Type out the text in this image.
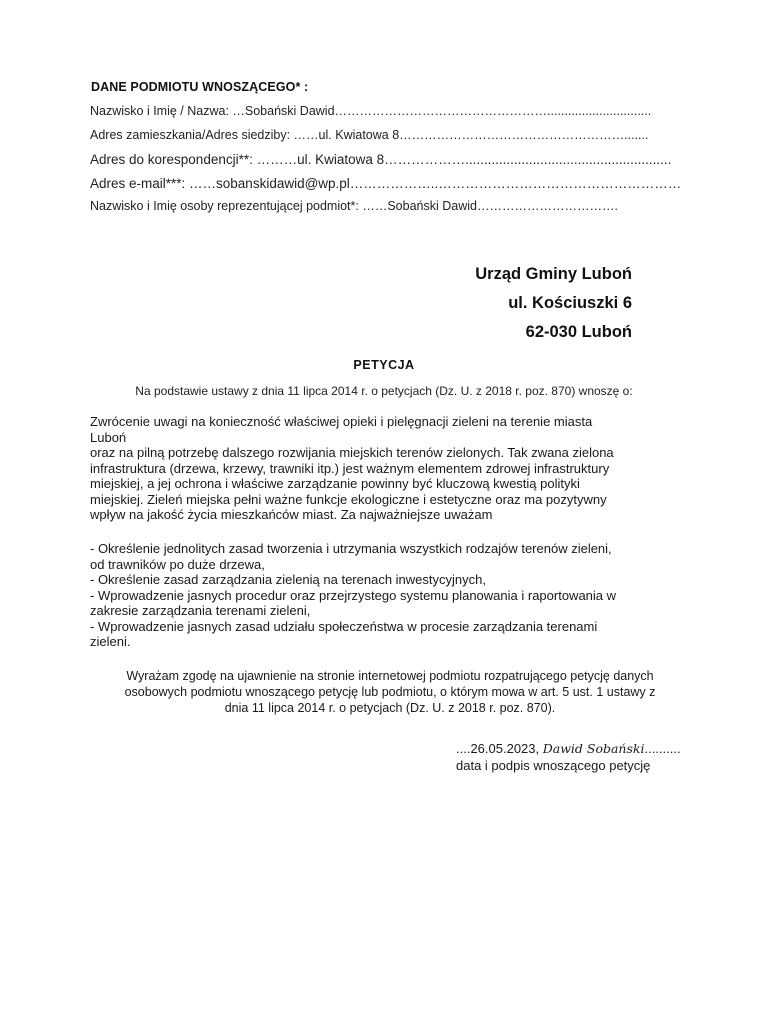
DANE PODMIOTU WNOSZĄCEGO* :
Nazwisko i Imię / Nazwa: …Sobański Dawid……………………………………………..............................
Adres zamieszkania/Adres siedziby: ……ul. Kwiatowa 8……………………………………………….......
Adres do korespondencji**: ………ul. Kwiatowa 8……………….......................................................
Adres e-mail***: ……sobanskidawid@wp.pl………………..………………………………………………
Nazwisko i Imię osoby reprezentującej podmiot*: ……Sobański Dawid…………………………….
Urząd Gminy Luboń
ul. Kościuszki 6
62-030 Luboń
PETYCJA
Na podstawie ustawy z dnia 11 lipca 2014 r. o petycjach (Dz. U. z 2018 r. poz. 870) wnoszę o:
Zwrócenie uwagi na konieczność właściwej opieki i pielęgnacji zieleni na terenie miasta
Luboń
oraz na pilną potrzebę dalszego rozwijania miejskich terenów zielonych. Tak zwana zielona
infrastruktura (drzewa, krzewy, trawniki itp.) jest ważnym elementem zdrowej infrastruktury
miejskiej, a jej ochrona i właściwe zarządzanie powinny być kluczową kwestią polityki
miejskiej. Zieleń miejska pełni ważne funkcje ekologiczne i estetyczne oraz ma pozytywny
wpływ na jakość życia mieszkańców miast. Za najważniejsze uważam
- Określenie jednolitych zasad tworzenia i utrzymania wszystkich rodzajów terenów zieleni,
od trawników po duże drzewa,
- Określenie zasad zarządzania zielenią na terenach inwestycyjnych,
- Wprowadzenie jasnych procedur oraz przejrzystego systemu planowania i raportowania w
zakresie zarządzania terenami zieleni,
- Wprowadzenie jasnych zasad udziału społeczeństwa w procesie zarządzania terenami
zieleni.
Wyrażam zgodę na ujawnienie na stronie internetowej podmiotu rozpatrującego petycję danych
osobowych podmiotu wnoszącego petycję lub podmiotu, o którym mowa w art. 5 ust. 1 ustawy z
dnia 11 lipca 2014 r. o petycjach (Dz. U. z 2018 r. poz. 870).
....26.05.2023, Dawid Sobański..........
data i podpis wnoszącego petycję
